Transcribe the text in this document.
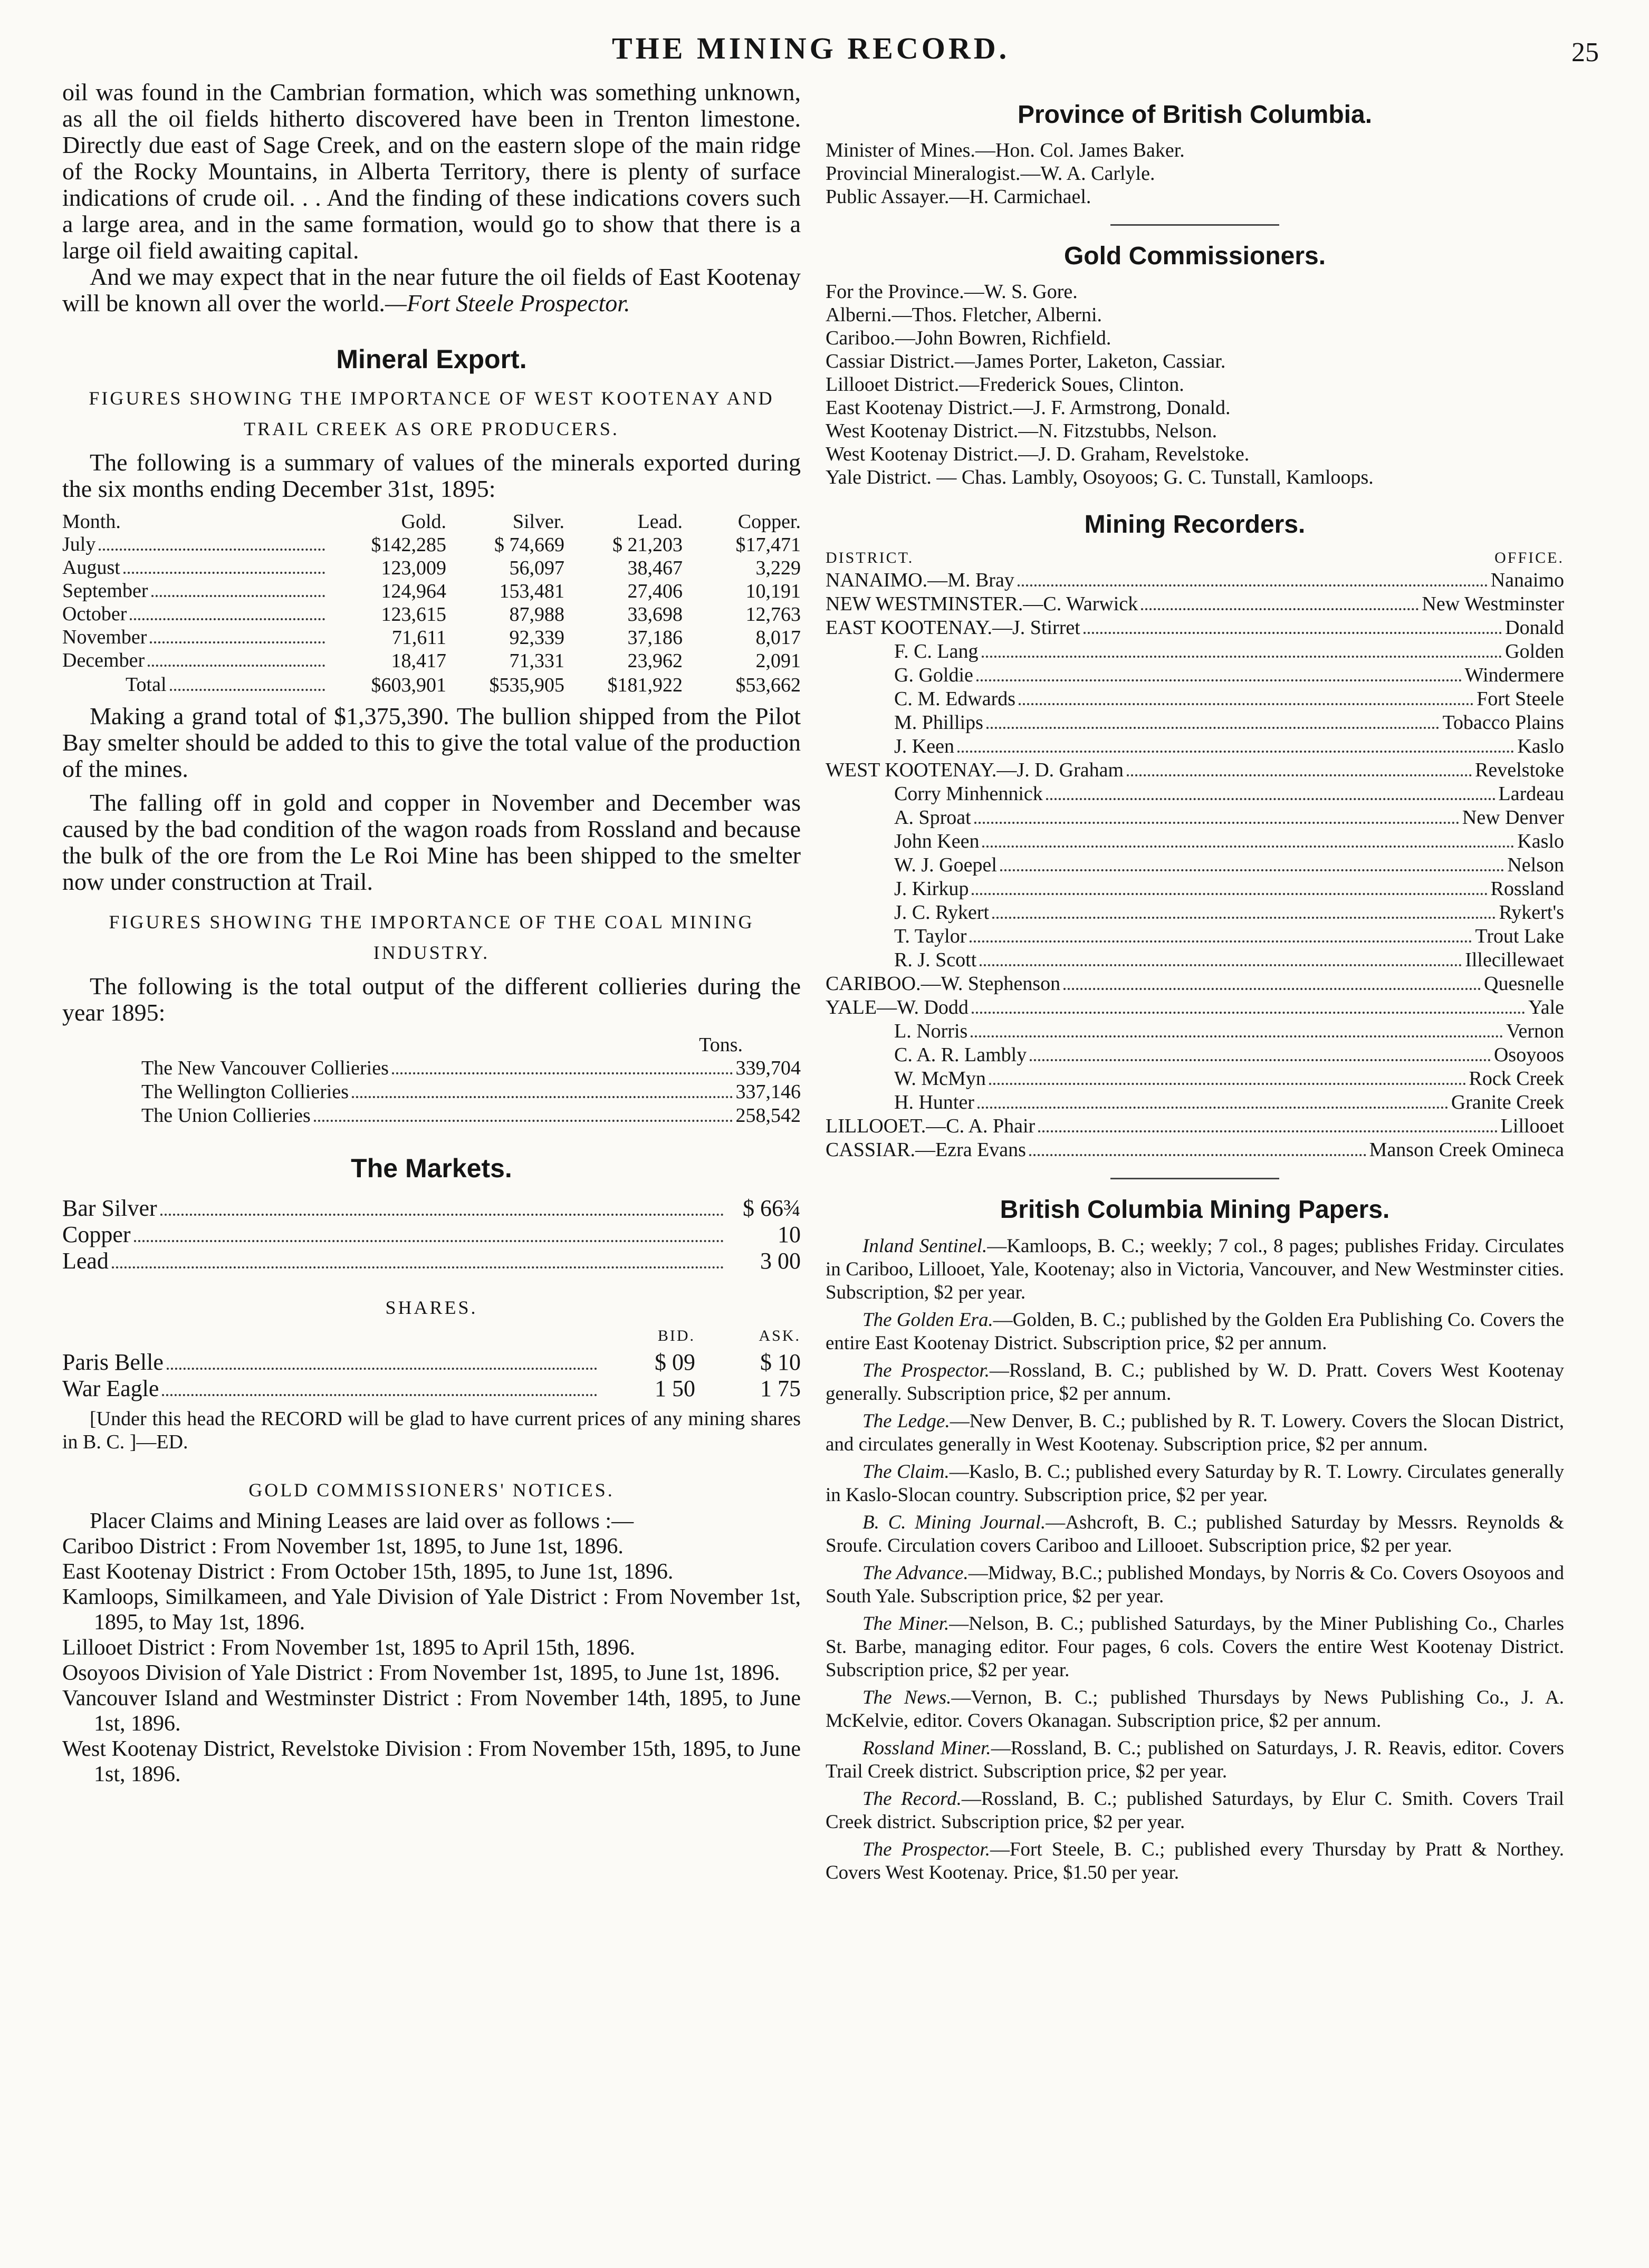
THE MINING RECORD.	25

oil was found in the Cambrian formation, which was something unknown, as all the oil fields hitherto discovered have been in Trenton limestone. Directly due east of Sage Creek, and on the eastern slope of the main ridge of the Rocky Mountains, in Alberta Territory, there is plenty of surface indications of crude oil. . . And the finding of these indications covers such a large area, and in the same formation, would go to show that there is a large oil field awaiting capital.

And we may expect that in the near future the oil fields of East Kootenay will be known all over the world.—Fort Steele Prospector.

Mineral Export.
FIGURES SHOWING THE IMPORTANCE OF WEST KOOTENAY AND TRAIL CREEK AS ORE PRODUCERS.

The following is a summary of values of the minerals exported during the six months ending December 31st, 1895:

Month.	Gold.	Silver.	Lead.	Copper.

July	$142,285	$ 74,669	$ 21,203	$17,471

August	123,009	56,097	38,467	3,229

September	124,964	153,481	27,406	10,191

October	123,615	87,988	33,698	12,763

November	71,611	92,339	37,186	8,017

December	18,417	71,331	23,962	2,091

Total	$603,901	$535,905	$181,922	$53,662

Making a grand total of $1,375,390. The bullion shipped from the Pilot Bay smelter should be added to this to give the total value of the production of the mines.

The falling off in gold and copper in November and December was caused by the bad condition of the wagon roads from Rossland and because the bulk of the ore from the Le Roi Mine has been shipped to the smelter now under construction at Trail.

FIGURES SHOWING THE IMPORTANCE OF THE COAL MINING INDUSTRY.

The following is the total output of the different collieries during the year 1895:

Tons.
The New Vancouver Collieries	339,704
The Wellington Collieries	337,146
The Union Collieries	258,542
The Markets.
Bar Silver	$ 66¾
Copper	10
Lead	3 00
SHARES.
	BID.	ASK.

Paris Belle	$ 09	$ 10

War Eagle	1 50	1 75

[Under this head the RECORD will be glad to have current prices of any mining shares in B. C. ]—ED.

GOLD COMMISSIONERS' NOTICES.

Placer Claims and Mining Leases are laid over as follows :—

Cariboo District : From November 1st, 1895, to June 1st, 1896.

East Kootenay District : From October 15th, 1895, to June 1st, 1896.

Kamloops, Similkameen, and Yale Division of Yale District : From November 1st, 1895, to May 1st, 1896.

Lillooet District : From November 1st, 1895 to April 15th, 1896.

Osoyoos Division of Yale District : From November 1st, 1895, to June 1st, 1896.

Vancouver Island and Westminster District : From November 14th, 1895, to June 1st, 1896.

West Kootenay District, Revelstoke Division : From November 15th, 1895, to June 1st, 1896.

Province of British Columbia.

Minister of Mines.—Hon. Col. James Baker.

Provincial Mineralogist.—W. A. Carlyle.

Public Assayer.—H. Carmichael.

Gold Commissioners.

For the Province.—W. S. Gore.

Alberni.—Thos. Fletcher, Alberni.

Cariboo.—John Bowren, Richfield.

Cassiar District.—James Porter, Laketon, Cassiar.

Lillooet District.—Frederick Soues, Clinton.

East Kootenay District.—J. F. Armstrong, Donald.

West Kootenay District.—N. Fitzstubbs, Nelson.

West Kootenay District.—J. D. Graham, Revelstoke.

Yale District. — Chas. Lambly, Osoyoos; G. C. Tunstall, Kamloops.

Mining Recorders.
DISTRICT.	OFFICE.
NANAIMO.—M. Bray	Nanaimo
NEW WESTMINSTER.—C. Warwick	New Westminster
EAST KOOTENAY.—J. Stirret	Donald
F. C. Lang	Golden
G. Goldie	Windermere
C. M. Edwards	Fort Steele
M. Phillips	Tobacco Plains
J. Keen	Kaslo
WEST KOOTENAY.—J. D. Graham	Revelstoke
Corry Minhennick	Lardeau
A. Sproat	New Denver
John Keen	Kaslo
W. J. Goepel	Nelson
J. Kirkup	Rossland
J. C. Rykert	Rykert's
T. Taylor	Trout Lake
R. J. Scott	Illecillewaet
CARIBOO.—W. Stephenson	Quesnelle
YALE—W. Dodd	Yale
L. Norris	Vernon
C. A. R. Lambly	Osoyoos
W. McMyn	Rock Creek
H. Hunter	Granite Creek
LILLOOET.—C. A. Phair	Lillooet
CASSIAR.—Ezra Evans	Manson Creek Omineca
British Columbia Mining Papers.

Inland Sentinel.—Kamloops, B. C.; weekly; 7 col., 8 pages; publishes Friday. Circulates in Cariboo, Lillooet, Yale, Kootenay; also in Victoria, Vancouver, and New Westminster cities. Subscription, $2 per year.

The Golden Era.—Golden, B. C.; published by the Golden Era Publishing Co. Covers the entire East Kootenay District. Subscription price, $2 per annum.

The Prospector.—Rossland, B. C.; published by W. D. Pratt. Covers West Kootenay generally. Subscription price, $2 per annum.

The Ledge.—New Denver, B. C.; published by R. T. Lowery. Covers the Slocan District, and circulates generally in West Kootenay. Subscription price, $2 per annum.

The Claim.—Kaslo, B. C.; published every Saturday by R. T. Lowry. Circulates generally in Kaslo-Slocan country. Subscription price, $2 per year.

B. C. Mining Journal.—Ashcroft, B. C.; published Saturday by Messrs. Reynolds & Sroufe. Circulation covers Cariboo and Lillooet. Subscription price, $2 per year.

The Advance.—Midway, B.C.; published Mondays, by Norris & Co. Covers Osoyoos and South Yale. Subscription price, $2 per year.

The Miner.—Nelson, B. C.; published Saturdays, by the Miner Publishing Co., Charles St. Barbe, managing editor. Four pages, 6 cols. Covers the entire West Kootenay District. Subscription price, $2 per year.

The News.—Vernon, B. C.; published Thursdays by News Publishing Co., J. A. McKelvie, editor. Covers Okanagan. Subscription price, $2 per annum.

Rossland Miner.—Rossland, B. C.; published on Saturdays, J. R. Reavis, editor. Covers Trail Creek district. Subscription price, $2 per year.

The Record.—Rossland, B. C.; published Saturdays, by Elur C. Smith. Covers Trail Creek district. Subscription price, $2 per year.

The Prospector.—Fort Steele, B. C.; published every Thursday by Pratt & Northey. Covers West Kootenay. Price, $1.50 per year.
